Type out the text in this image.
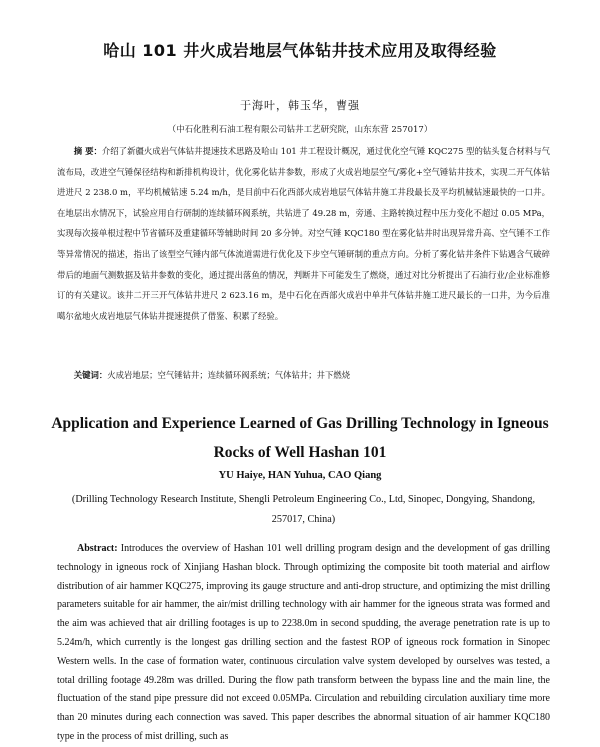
哈山 101 井火成岩地层气体钻井技术应用及取得经验
于海叶，韩玉华，曹强
（中石化胜利石油工程有限公司钻井工艺研究院，山东东营 257017）
摘 要：介绍了新疆火成岩气体钻井提速技术思路及哈山 101 井工程设计概况，通过优化空气锤 KQC275 型的钻头复合材料与气流布局，改进空气锤保径结构和新排机构设计，优化雾化钻井参数，形成了火成岩地层空气/雾化+空气锤钻井技术，实现二开气体钻进进尺 2 238.0 m，平均机械钻速 5.24 m/h，是目前中石化西部火成岩地层气体钻井施工井段最长及平均机械钻速最快的一口井。在地层出水情况下，试验应用自行研制的连续循环阀系统，共钻进了 49.28 m，旁通、主路转换过程中压力变化不超过 0.05 MPa，实现每次接单根过程中节省循环及重建循环等辅助时间 20 多分钟。对空气锤 KQC180 型在雾化钻井时出现异常升高、空气锤不工作等异常情况的描述，指出了该型空气锤内部气体流道需进行优化及下步空气锤研制的重点方向。分析了雾化钻井条件下钻遇含气破碎带后的地面气测数据及钻井参数的变化，通过提出落鱼的情况，判断井下可能发生了燃烧，通过对比分析提出了石油行业/企业标准修订的有关建议。该井二开三开气体钻井进尺 2 623.16 m，是中石化在西部火成岩中单井气体钻井施工进尺最长的一口井，为今后准噶尔盆地火成岩地层气体钻井提速提供了借鉴、积累了经验。
关键词：火成岩地层；空气锤钻井；连续循环阀系统；气体钻井；井下燃烧
Application and Experience Learned of Gas Drilling Technology in Igneous
Rocks of Well Hashan 101
YU Haiye, HAN Yuhua, CAO Qiang
(Drilling Technology Research Institute, Shengli Petroleum Engineering Co., Ltd, Sinopec, Dongying, Shandong, 257017, China)
Abstract: Introduces the overview of Hashan 101 well drilling program design and the development of gas drilling technology in igneous rock of Xinjiang Hashan block. Through optimizing the composite bit tooth material and airflow distribution of air hammer KQC275, improving its gauge structure and anti-drop structure, and optimizing the mist drilling parameters suitable for air hammer, the air/mist drilling technology with air hammer for the igneous strata was formed and the aim was achieved that air drilling footages is up to 2238.0m in second spudding, the average penetration rate is up to 5.24m/h, which currently is the longest gas drilling section and the fastest ROP of igneous rock formation in Sinopec Western wells. In the case of formation water, continuous circulation valve system developed by ourselves was tested, a total drilling footage 49.28m was drilled. During the flow path transform between the bypass line and the main line, the fluctuation of the stand pipe pressure did not exceed 0.05MPa. Circulation and rebuilding circulation auxiliary time more than 20 minutes during each connection was saved. This paper describes the abnormal situation of air hammer KQC180 type in the process of mist drilling, such as
